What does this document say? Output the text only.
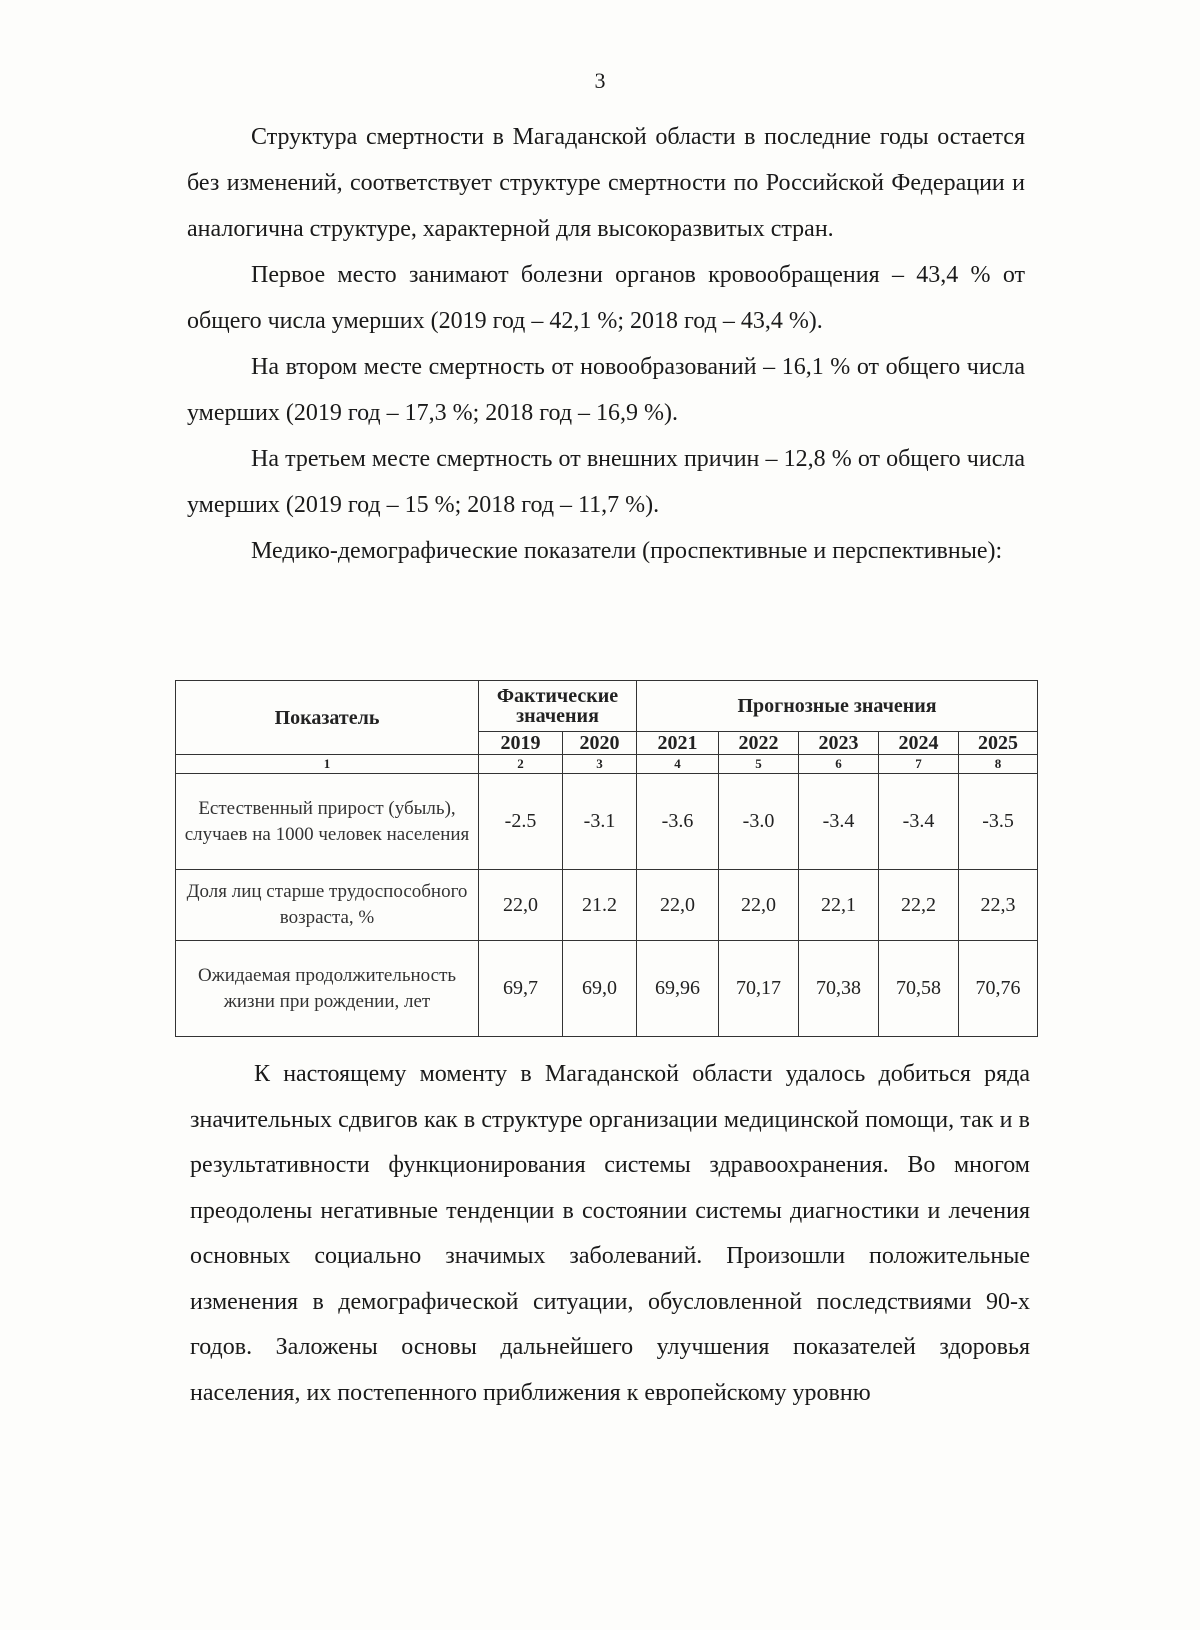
3

Структура смертности в Магаданской области в последние годы остается без изменений, соответствует структуре смертности по Российской Федерации и аналогична структуре, характерной для высокоразвитых стран.

Первое место занимают болезни органов кровообращения – 43,4 % от общего числа умерших (2019 год – 42,1 %; 2018 год – 43,4 %).

На втором месте смертность от новообразований – 16,1 % от общего числа умерших (2019 год – 17,3 %; 2018 год – 16,9 %).

На третьем месте смертность от внешних причин – 12,8 % от общего числа умерших (2019 год – 15 %; 2018 год – 11,7 %).

Медико-демографические показатели (проспективные и перспективные):

Показатель	Фактические значения		Прогнозные значения				
	2019	2020	2021	2022	2023	2024	2025
1	2	3	4	5	6	7	8
Естественный прирост (убыль), случаев на 1000 человек населения	-2.5	-3.1	-3.6	-3.0	-3.4	-3.4	-3.5
Доля лиц старше трудоспособного возраста, %	22,0	21.2	22,0	22,0	22,1	22,2	22,3
Ожидаемая продолжительность жизни при рождении, лет	69,7	69,0	69,96	70,17	70,38	70,58	70,76

К настоящему моменту в Магаданской области удалось добиться ряда значительных сдвигов как в структуре организации медицинской помощи, так и в результативности функционирования системы здравоохранения. Во многом преодолены негативные тенденции в состоянии системы диагностики и лечения основных социально значимых заболеваний. Произошли положительные изменения в демографической ситуации, обусловленной последствиями 90-х годов. Заложены основы дальнейшего улучшения показателей здоровья населения, их постепенного приближения к европейскому уровню
